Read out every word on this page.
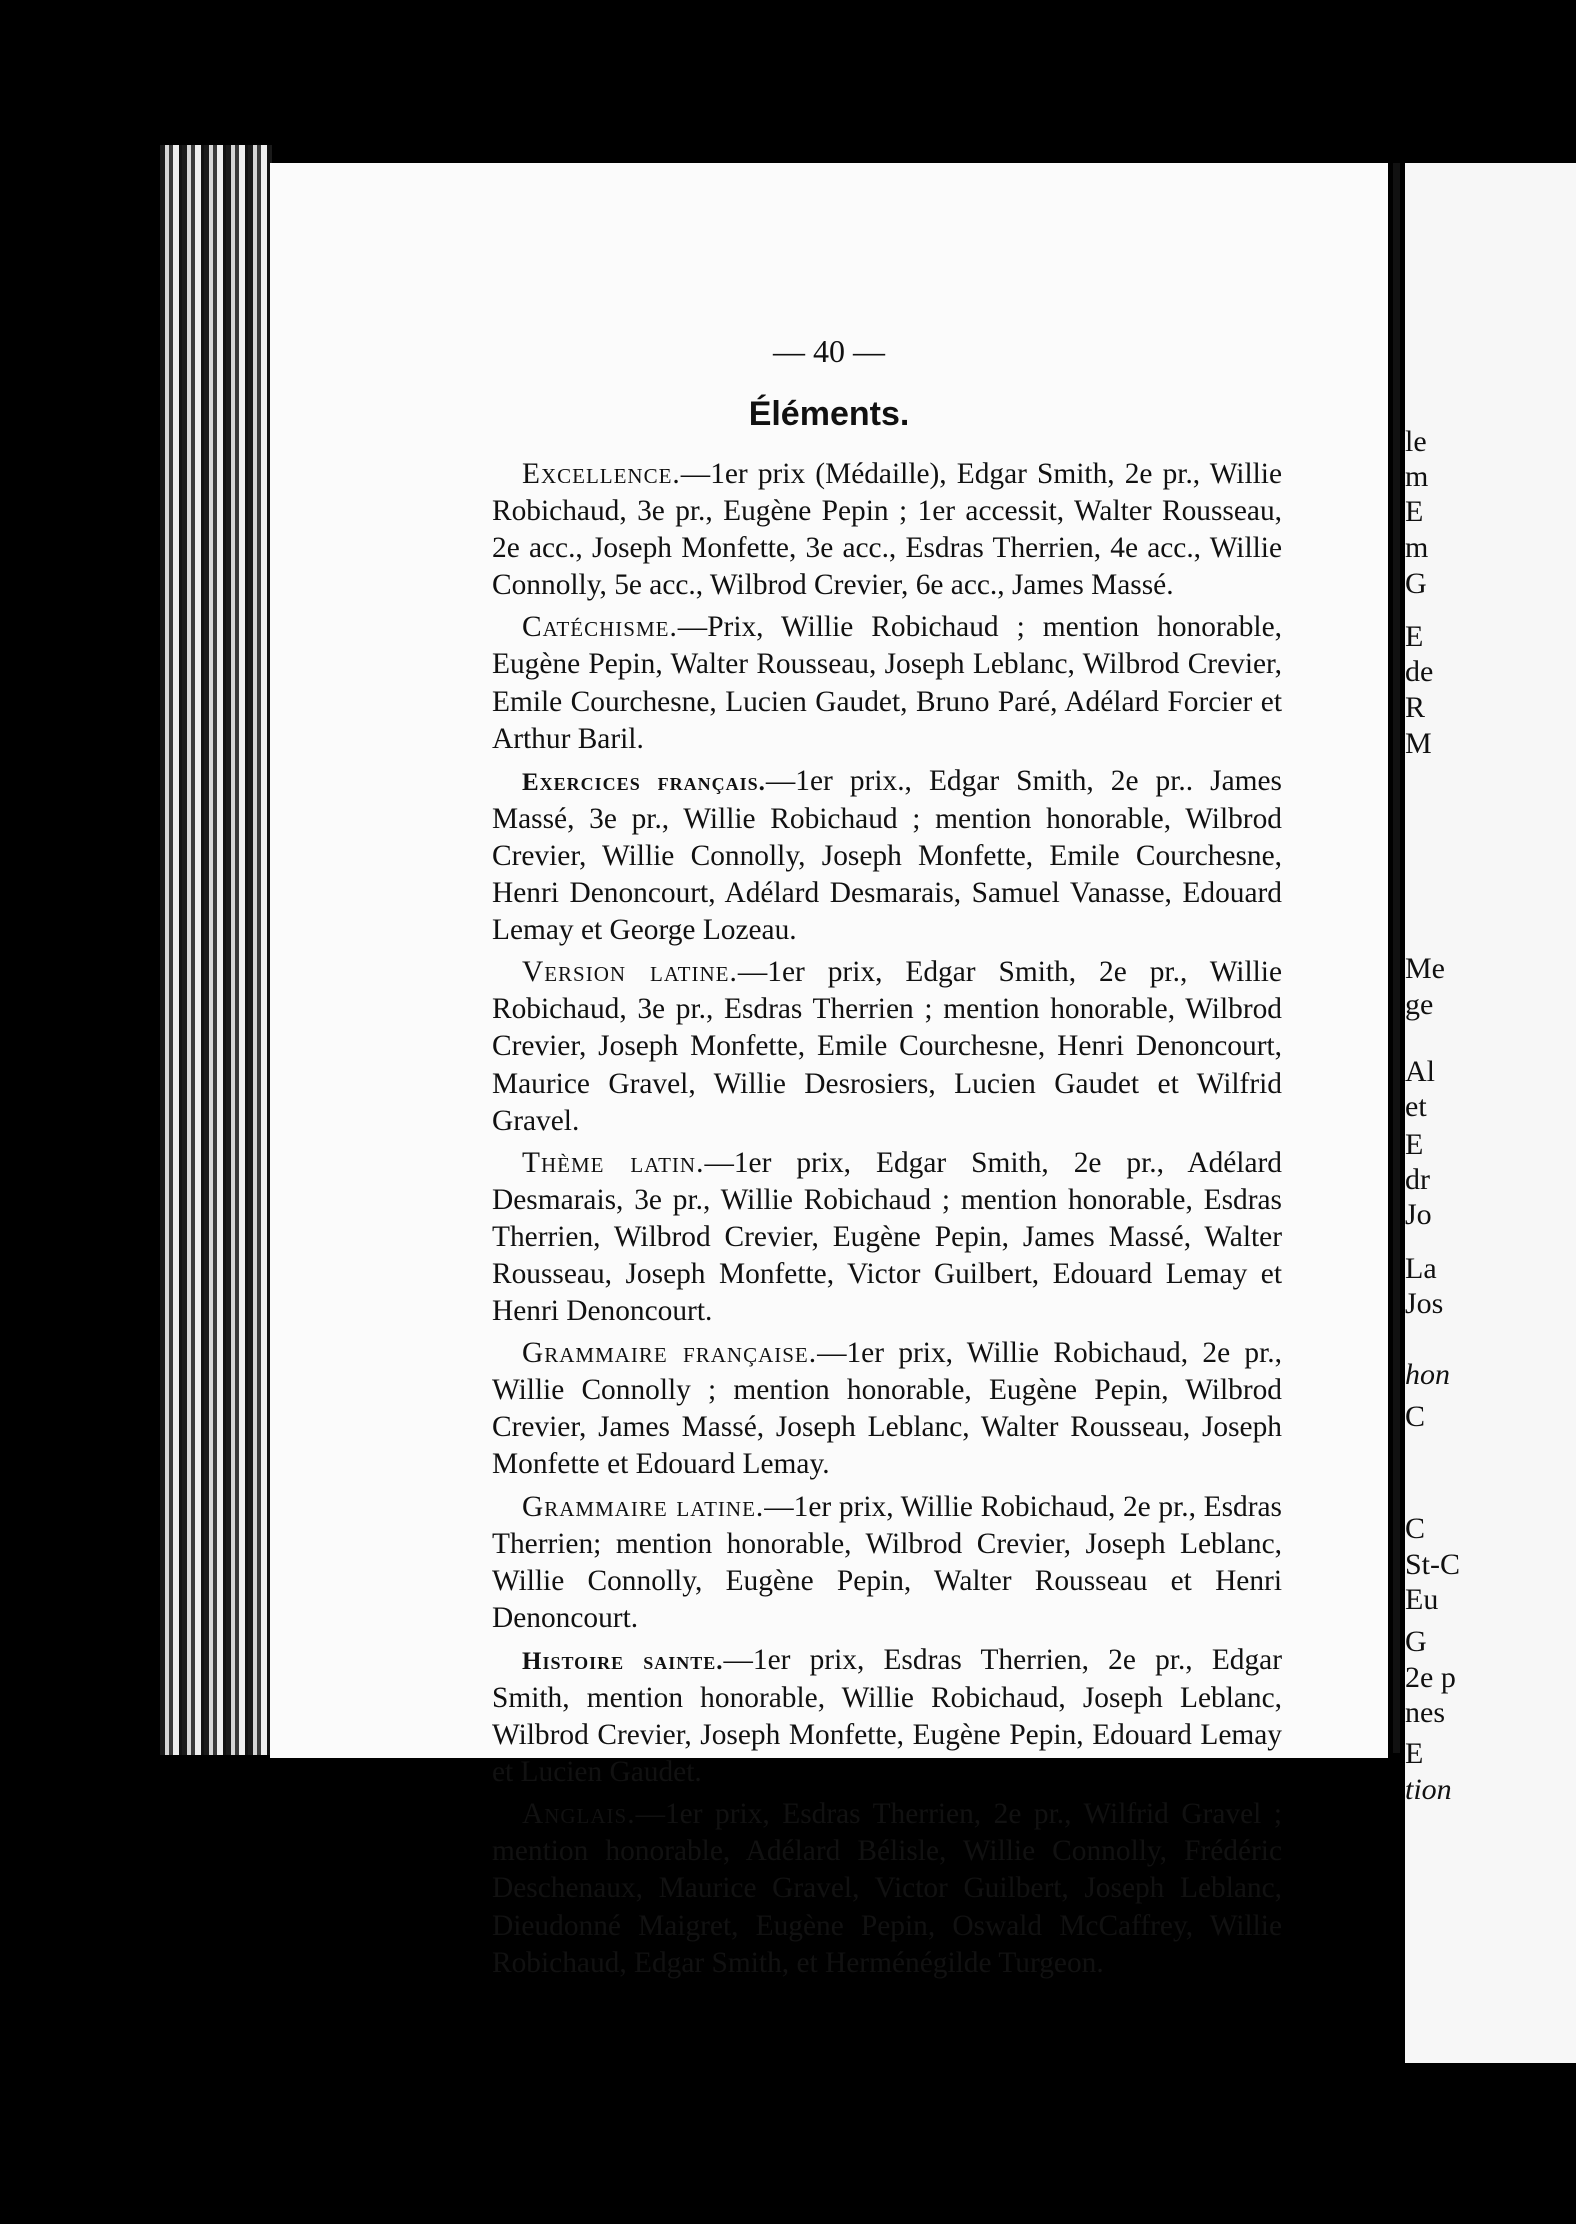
— 40 —
Éléments.

Excellence.—1er prix (Médaille), Edgar Smith, 2e pr., Willie Robichaud, 3e pr., Eugène Pepin ; 1er accessit, Walter Rousseau, 2e acc., Joseph Monfette, 3e acc., Esdras Therrien, 4e acc., Willie Connolly, 5e acc., Wilbrod Crevier, 6e acc., James Massé.

Catéchisme.—Prix, Willie Robichaud ; mention honorable, Eugène Pepin, Walter Rousseau, Joseph Leblanc, Wilbrod Crevier, Emile Courchesne, Lucien Gaudet, Bruno Paré, Adélard Forcier et Arthur Baril.

Exercices français.—1er prix., Edgar Smith, 2e pr.. James Massé, 3e pr., Willie Robichaud ; mention honorable, Wilbrod Crevier, Willie Connolly, Joseph Monfette, Emile Courchesne, Henri Denoncourt, Adélard Desmarais, Samuel Vanasse, Edouard Lemay et George Lozeau.

Version latine.—1er prix, Edgar Smith, 2e pr., Willie Robichaud, 3e pr., Esdras Therrien ; mention honorable, Wilbrod Crevier, Joseph Monfette, Emile Courchesne, Henri Denoncourt, Maurice Gravel, Willie Desrosiers, Lucien Gaudet et Wilfrid Gravel.

Thème latin.—1er prix, Edgar Smith, 2e pr., Adélard Desmarais, 3e pr., Willie Robichaud ; mention honorable, Esdras Therrien, Wilbrod Crevier, Eugène Pepin, James Massé, Walter Rousseau, Joseph Monfette, Victor Guilbert, Edouard Lemay et Henri Denoncourt.

Grammaire française.—1er prix, Willie Robichaud, 2e pr., Willie Connolly ; mention honorable, Eugène Pepin, Wilbrod Crevier, James Massé, Joseph Leblanc, Walter Rousseau, Joseph Monfette et Edouard Lemay.

Grammaire latine.—1er prix, Willie Robichaud, 2e pr., Esdras Therrien; mention honorable, Wilbrod Crevier, Joseph Leblanc, Willie Connolly, Eugène Pepin, Walter Rousseau et Henri Denoncourt.

Histoire sainte.—1er prix, Esdras Therrien, 2e pr., Edgar Smith, mention honorable, Willie Robichaud, Joseph Leblanc, Wilbrod Crevier, Joseph Monfette, Eugène Pepin, Edouard Lemay et Lucien Gaudet.

Anglais.—1er prix, Esdras Therrien, 2e pr., Wilfrid Gravel ; mention honorable, Adélard Bélisle, Willie Connolly, Frédéric Deschenaux, Maurice Gravel, Victor Guilbert, Joseph Leblanc, Dieudonné Maigret, Eugène Pepin, Oswald McCaffrey, Willie Robichaud, Edgar Smith, et Herménégilde Turgeon.

le
m
E
m
G
E
de
R
M
Me
ge
Al
et
E
dr
Jo
La
Jos
hon
C
C
St-C
Eu
G
2e p
nes
E
tion
